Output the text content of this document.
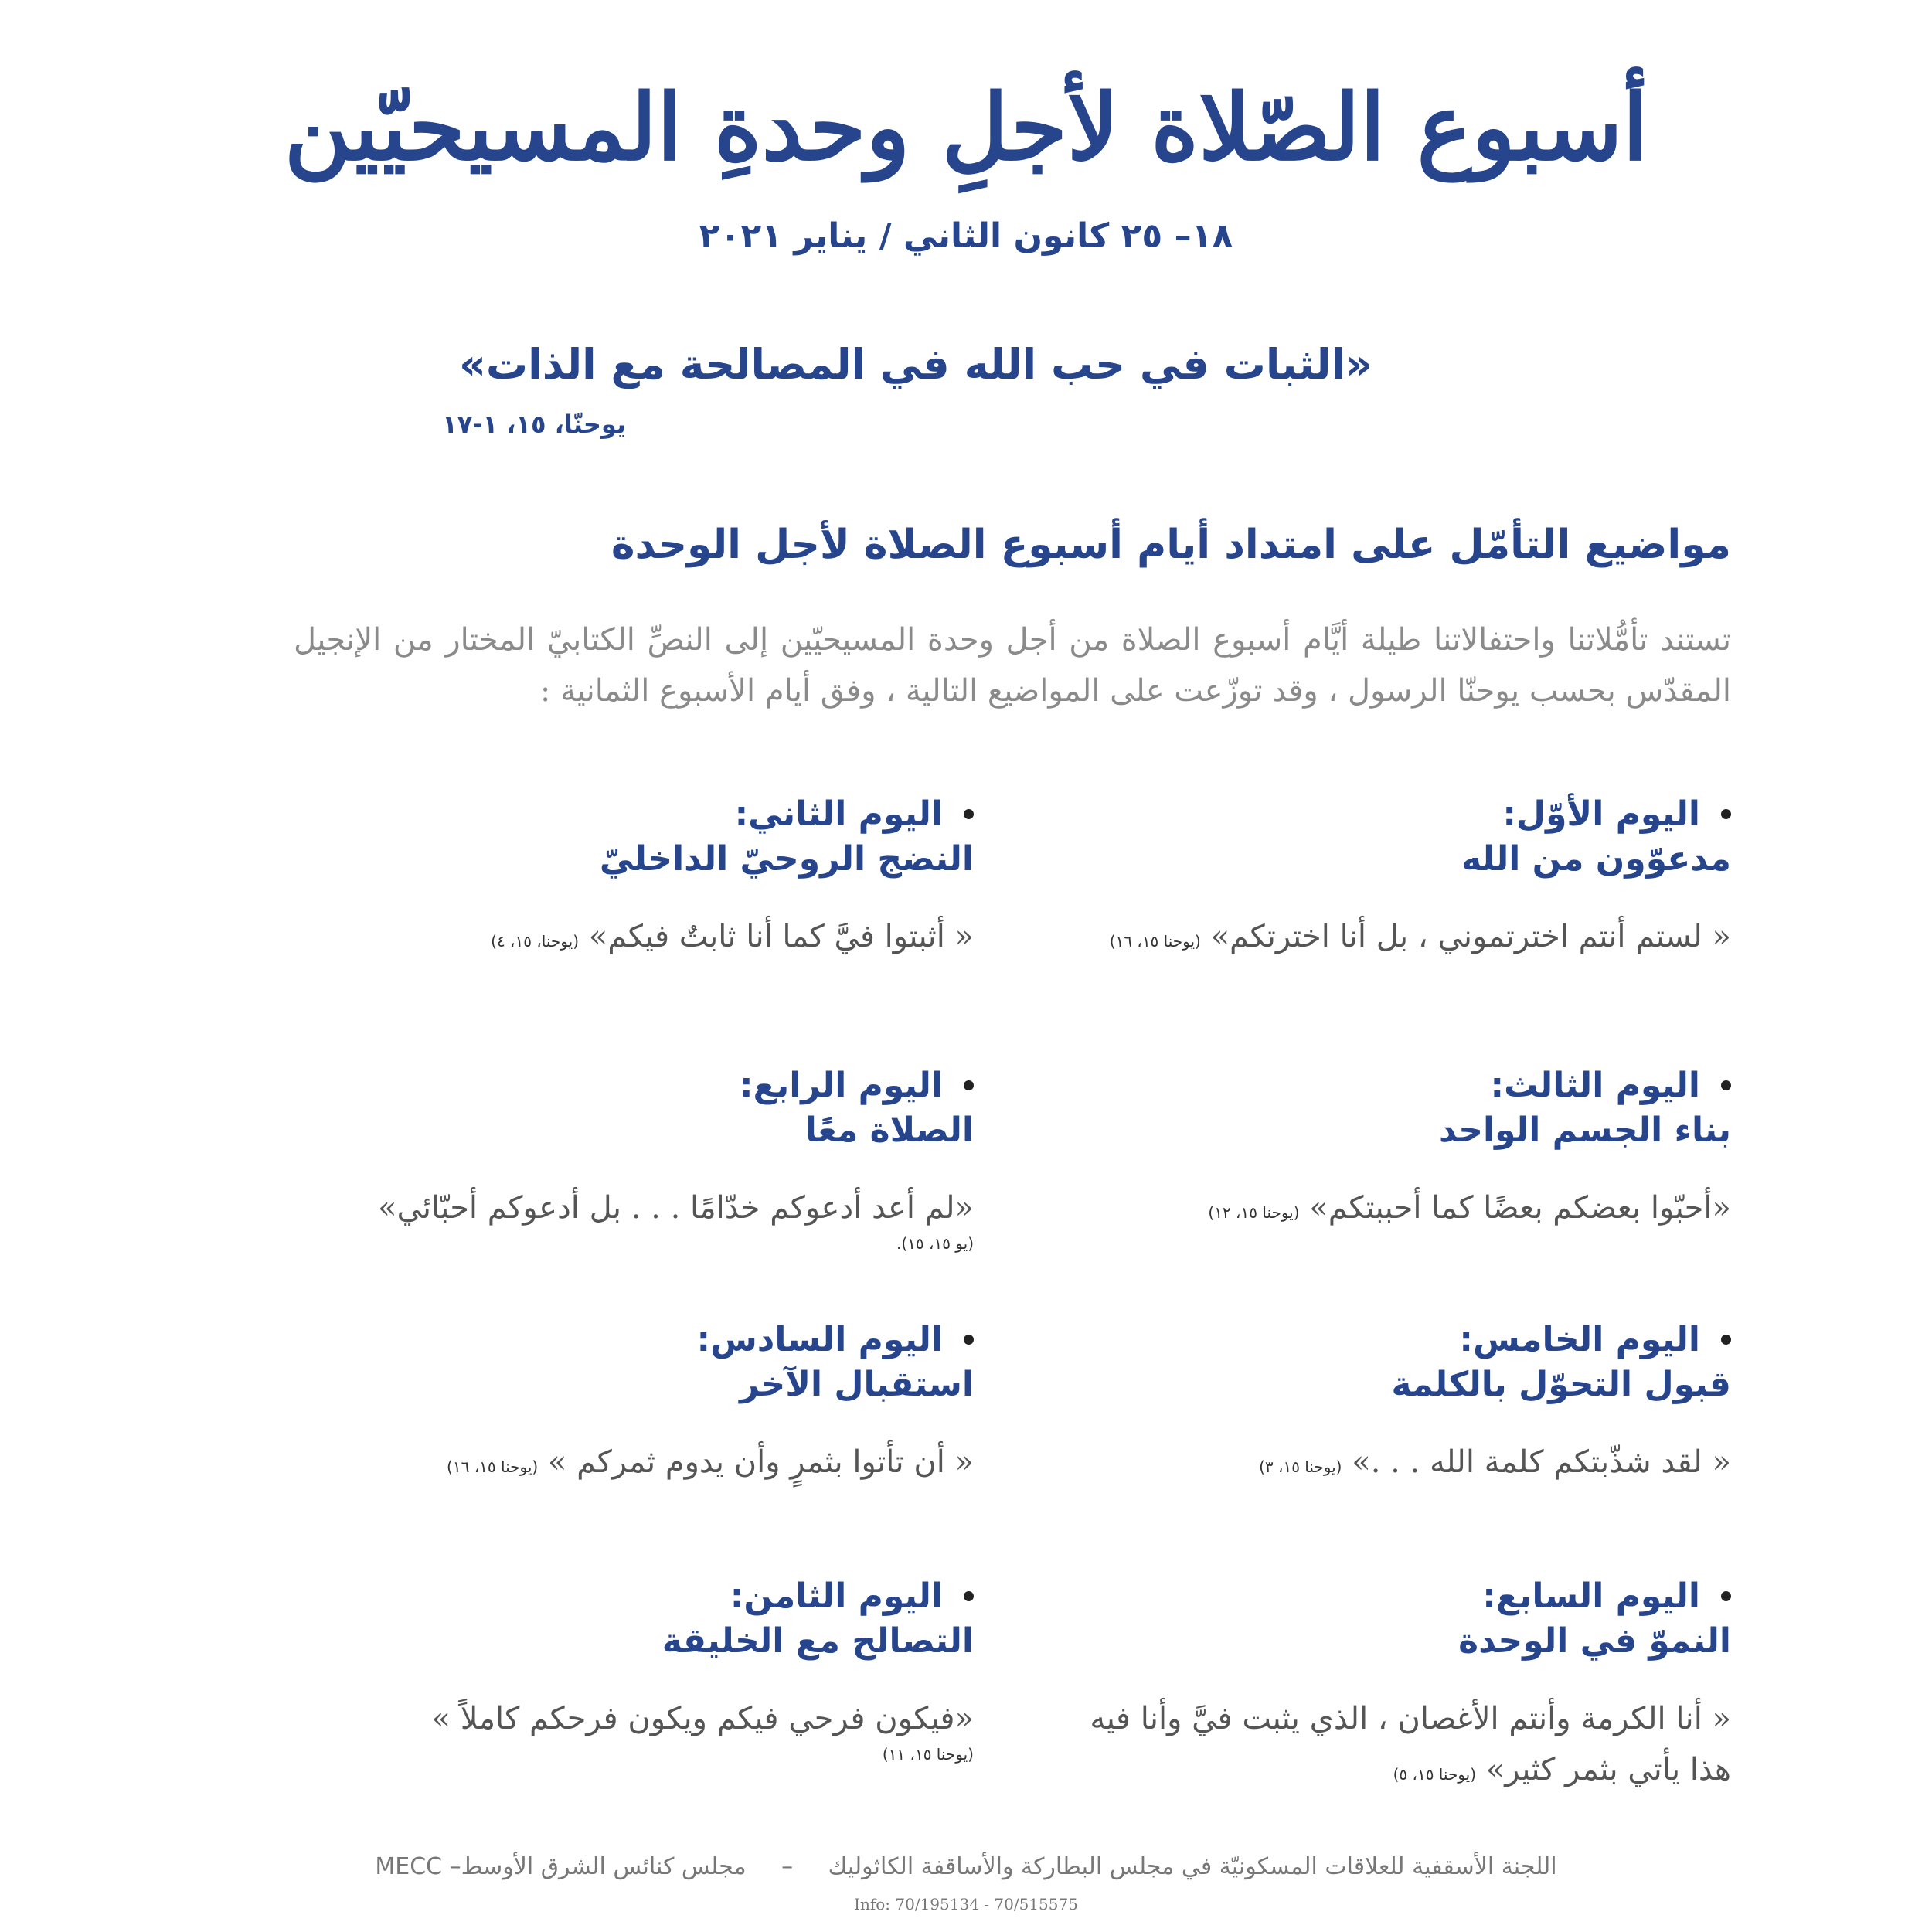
أسبوع الصّلاة لأجلِ وحدةِ المسيحيّين
١٨– ٢٥ كانون الثاني / يناير ٢٠٢١
«الثبات في حب الله في المصالحة مع الذات»
يوحنّا، ١٥، ١-١٧
مواضيع التأمّل على امتداد أيام أسبوع الصلاة لأجل الوحدة
تستند تأمُّلاتنا واحتفالاتنا طيلة أيَّام أسبوع الصلاة من أجل وحدة المسيحيّين إلى النصِّ الكتابيّ المختار من الإنجيل المقدّس بحسب يوحنّا الرسول ، وقد توزّعت على المواضيع التالية ، وفق أيام الأسبوع الثمانية :
اليوم الأوّل:
مدعوّون من الله
« لستم أنتم اخترتموني ، بل أنا اخترتكم» (يوحنا ١٥، ١٦)
اليوم الثاني:
النضج الروحيّ الداخليّ
« أثبتوا فيَّ كما أنا ثابتٌ فيكم» (يوحنا، ١٥، ٤)
اليوم الثالث:
بناء الجسم الواحد
«أحبّوا بعضكم بعضًا كما أحببتكم» (يوحنا ١٥، ١٢)
اليوم الرابع:
الصلاة معًا
«لم أعد أدعوكم خدّامًا . . . بل أدعوكم أحبّائي»
(يو ١٥، ١٥).
اليوم الخامس:
قبول التحوّل بالكلمة
« لقد شذّبتكم كلمة الله . . .» (يوحنا ١٥، ٣)
اليوم السادس:
استقبال الآخر
« أن تأتوا بثمرٍ وأن يدوم ثمركم » (يوحنا ١٥، ١٦)
اليوم السابع:
النموّ في الوحدة
« أنا الكرمة وأنتم الأغصان ، الذي يثبت فيَّ وأنا فيه هذا يأتي بثمر كثير» (يوحنا ١٥، ٥)
اليوم الثامن:
التصالح مع الخليقة
«فيكون فرحي فيكم ويكون فرحكم كاملاً »
(يوحنا ١٥، ١١)
اللجنة الأسقفية للعلاقات المسكونيّة في مجلس البطاركة والأساقفة الكاثوليك – مجلس كنائس الشرق الأوسط– MECC
Info: 70/195134 - 70/515575
